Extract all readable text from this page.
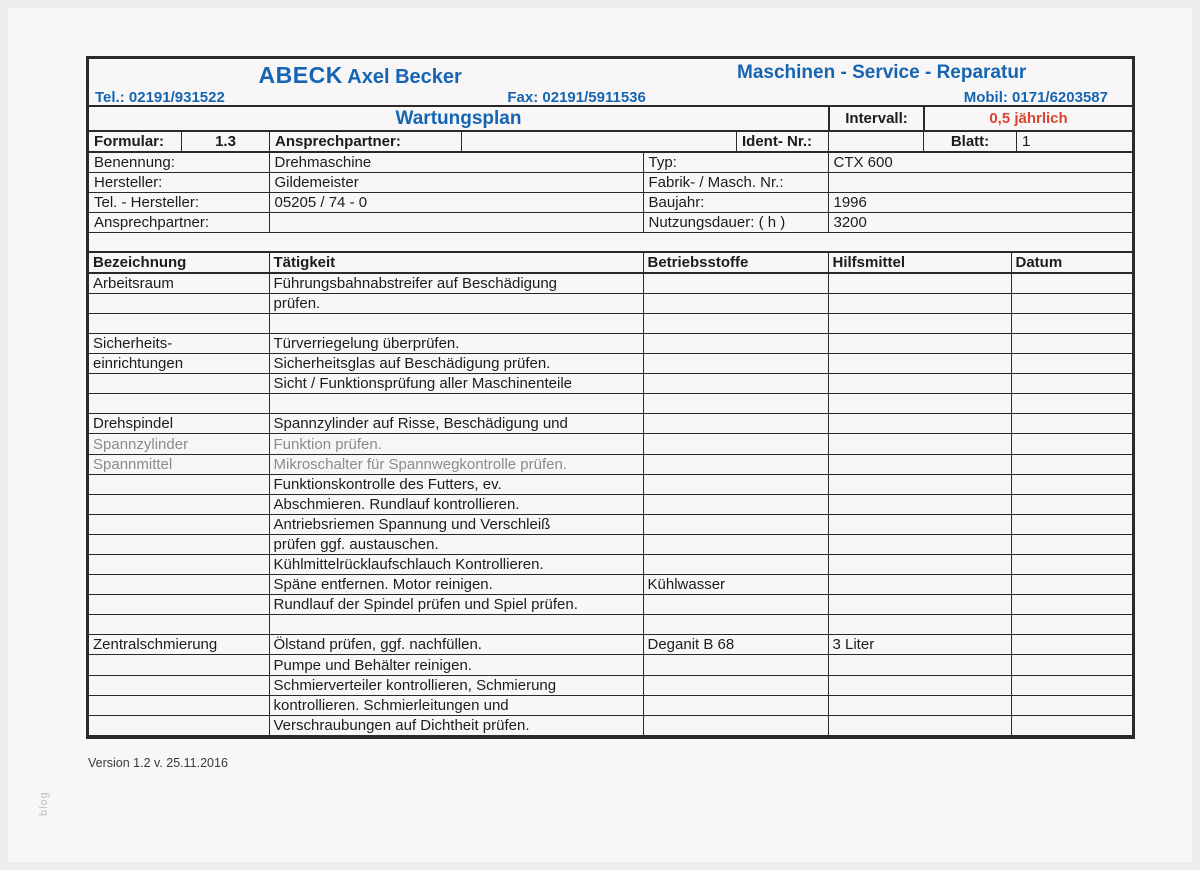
ABECK Axel Becker	Maschinen - Service - Reparatur
Tel.: 02191/931522	Fax: 02191/5911536	Mobil: 0171/6203587
Wartungsplan	Intervall:	0,5 jährlich
Formular:	1.3	Ansprechpartner:	Ident- Nr.:	Blatt:	1
Benennung:	Drehmaschine	Typ:	CTX 600
Hersteller:	Gildemeister	Fabrik- / Masch. Nr.:	
Tel. - Hersteller:	05205 / 74 - 0	Baujahr:	1996
Ansprechpartner:		Nutzungsdauer: ( h )	3200
Bezeichnung	Tätigkeit	Betriebsstoffe	Hilfsmittel	Datum
Arbeitsraum	Führungsbahnabstreifer auf Beschädigung			
	prüfen.			

Sicherheits-	Türverriegelung überprüfen.			
einrichtungen	Sicherheitsglas auf Beschädigung prüfen.			
	Sicht / Funktionsprüfung aller Maschinenteile			

Drehspindel	Spannzylinder auf Risse, Beschädigung und			
Spannzylinder	Funktion prüfen.			
Spannmittel	Mikroschalter für Spannwegkontrolle prüfen.			
	Funktionskontrolle des Futters, ev.			
	Abschmieren. Rundlauf kontrollieren.			
	Antriebsriemen Spannung und Verschleiß			
	prüfen ggf. austauschen.			
	Kühlmittelrücklaufschlauch Kontrollieren.			
	Späne entfernen. Motor reinigen.	Kühlwasser		
	Rundlauf der Spindel prüfen und Spiel prüfen.			

Zentralschmierung	Ölstand prüfen, ggf. nachfüllen.	Deganit B 68	3 Liter	
	Pumpe und Behälter reinigen.			
	Schmierverteiler kontrollieren, Schmierung			
	kontrollieren. Schmierleitungen und			
	Verschraubungen auf Dichtheit prüfen.			
Version 1.2 v. 25.11.2016
blog
